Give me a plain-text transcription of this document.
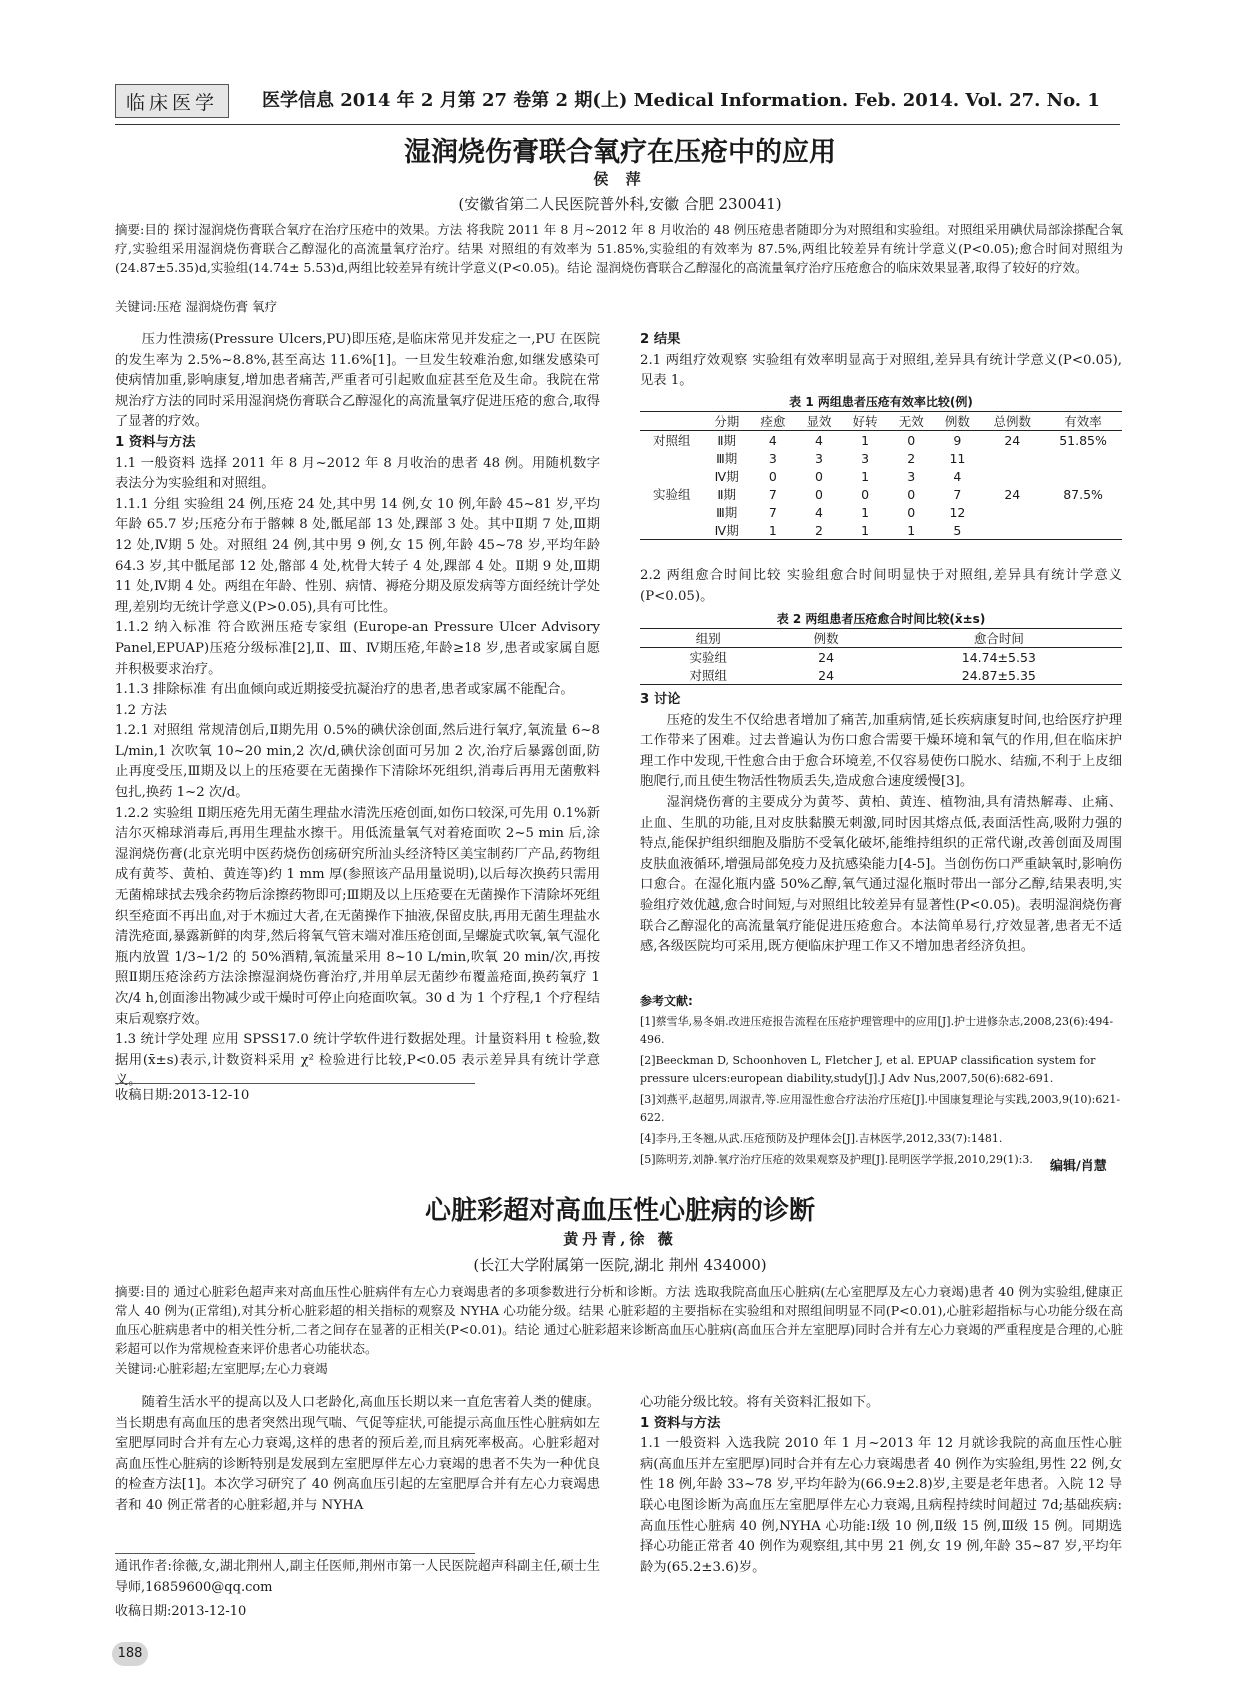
临床医学	医学信息 2014 年 2 月第 27 卷第 2 期(上) Medical Information. Feb. 2014. Vol. 27. No. 1
湿润烧伤膏联合氧疗在压疮中的应用
侯 萍
(安徽省第二人民医院普外科,安徽 合肥 230041)
摘要:目的 探讨湿润烧伤膏联合氧疗在治疗压疮中的效果。方法 将我院 2011 年 8 月~2012 年 8 月收治的 48 例压疮患者随即分为对照组和实验组。对照组采用碘伏局部涂搽配合氧疗,实验组采用湿润烧伤膏联合乙醇湿化的高流量氧疗治疗。结果 对照组的有效率为 51.85%,实验组的有效率为 87.5%,两组比较差异有统计学意义(P<0.05);愈合时间对照组为(24.87±5.35)d,实验组(14.74± 5.53)d,两组比较差异有统计学意义(P<0.05)。结论 湿润烧伤膏联合乙醇湿化的高流量氧疗治疗压疮愈合的临床效果显著,取得了较好的疗效。
关键词:压疮 湿润烧伤膏 氧疗

压力性溃疡(Pressure Ulcers,PU)即压疮,是临床常见并发症之一,PU 在医院的发生率为 2.5%~8.8%,甚至高达 11.6%[1]。一旦发生较难治愈,如继发感染可使病情加重,影响康复,增加患者痛苦,严重者可引起败血症甚至危及生命。我院在常规治疗方法的同时采用湿润烧伤膏联合乙醇湿化的高流量氧疗促进压疮的愈合,取得了显著的疗效。

1 资料与方法

1.1 一般资料 选择 2011 年 8 月~2012 年 8 月收治的患者 48 例。用随机数字表法分为实验组和对照组。

1.1.1 分组 实验组 24 例,压疮 24 处,其中男 14 例,女 10 例,年龄 45~81 岁,平均年龄 65.7 岁;压疮分布于髂棘 8 处,骶尾部 13 处,踝部 3 处。其中Ⅱ期 7 处,Ⅲ期 12 处,Ⅳ期 5 处。对照组 24 例,其中男 9 例,女 15 例,年龄 45~78 岁,平均年龄 64.3 岁,其中骶尾部 12 处,髂部 4 处,枕骨大转子 4 处,踝部 4 处。Ⅱ期 9 处,Ⅲ期 11 处,Ⅳ期 4 处。两组在年龄、性别、病情、褥疮分期及原发病等方面经统计学处理,差别均无统计学意义(P>0.05),具有可比性。

1.1.2 纳入标准 符合欧洲压疮专家组 (Europe-an Pressure Ulcer Advisory Panel,EPUAP)压疮分级标准[2],Ⅱ、Ⅲ、Ⅳ期压疮,年龄≥18 岁,患者或家属自愿并积极要求治疗。

1.1.3 排除标准 有出血倾向或近期接受抗凝治疗的患者,患者或家属不能配合。

1.2 方法

1.2.1 对照组 常规清创后,Ⅱ期先用 0.5%的碘伏涂创面,然后进行氧疗,氧流量 6~8 L/min,1 次吹氧 10~20 min,2 次/d,碘伏涂创面可另加 2 次,治疗后暴露创面,防止再度受压,Ⅲ期及以上的压疮要在无菌操作下清除坏死组织,消毒后再用无菌敷料包扎,换药 1~2 次/d。

1.2.2 实验组 Ⅱ期压疮先用无菌生理盐水清洗压疮创面,如伤口较深,可先用 0.1%新洁尔灭棉球消毒后,再用生理盐水擦干。用低流量氧气对着疮面吹 2~5 min 后,涂湿润烧伤膏(北京光明中医药烧伤创疡研究所汕头经济特区美宝制药厂产品,药物组成有黄芩、黄柏、黄连等)约 1 mm 厚(参照该产品用量说明),以后每次换药只需用无菌棉球拭去残余药物后涂擦药物即可;Ⅲ期及以上压疮要在无菌操作下清除坏死组织至疮面不再出血,对于木痂过大者,在无菌操作下抽液,保留皮肤,再用无菌生理盐水清洗疮面,暴露新鲜的肉芽,然后将氧气管末端对准压疮创面,呈螺旋式吹氧,氧气湿化瓶内放置 1/3~1/2 的 50%酒精,氧流量采用 8~10 L/min,吹氧 20 min/次,再按照Ⅱ期压疮涂药方法涂擦湿润烧伤膏治疗,并用单层无菌纱布覆盖疮面,换药氧疗 1 次/4 h,创面渗出物减少或干燥时可停止向疮面吹氧。30 d 为 1 个疗程,1 个疗程结束后观察疗效。

1.3 统计学处理 应用 SPSS17.0 统计学软件进行数据处理。计量资料用 t 检验,数据用(x̄±s)表示,计数资料采用 χ² 检验进行比较,P<0.05 表示差异具有统计学意义。

收稿日期:2013-12-10

2 结果

2.1 两组疗效观察 实验组有效率明显高于对照组,差异具有统计学意义(P<0.05),见表 1。

表 1 两组患者压疮有效率比较(例)
	分期	痊愈	显效	好转	无效	例数	总例数	有效率
对照组	Ⅱ期	4	4	1	0	9	24	51.85%
	Ⅲ期	3	3	3	2	11		
	Ⅳ期	0	0	1	3	4		
实验组	Ⅱ期	7	0	0	0	7	24	87.5%
	Ⅲ期	7	4	1	0	12		
	Ⅳ期	1	2	1	1	5		
2.2 两组愈合时间比较 实验组愈合时间明显快于对照组,差异具有统计学意义(P<0.05)。
表 2 两组患者压疮愈合时间比较(x̄±s)
组别	例数	愈合时间
实验组	24	14.74±5.53
对照组	24	24.87±5.35

3 讨论

压疮的发生不仅给患者增加了痛苦,加重病情,延长疾病康复时间,也给医疗护理工作带来了困难。过去普遍认为伤口愈合需要干燥环境和氧气的作用,但在临床护理工作中发现,干性愈合由于愈合环境差,不仅容易使伤口脱水、结痂,不利于上皮细胞爬行,而且使生物活性物质丢失,造成愈合速度缓慢[3]。

湿润烧伤膏的主要成分为黄芩、黄柏、黄连、植物油,具有清热解毒、止痛、止血、生肌的功能,且对皮肤黏膜无刺激,同时因其熔点低,表面活性高,吸附力强的特点,能保护组织细胞及脂肪不受氧化破坏,能维持组织的正常代谢,改善创面及周围皮肤血液循环,增强局部免疫力及抗感染能力[4-5]。当创伤伤口严重缺氧时,影响伤口愈合。在湿化瓶内盛 50%乙醇,氧气通过湿化瓶时带出一部分乙醇,结果表明,实验组疗效优越,愈合时间短,与对照组比较差异有显著性(P<0.05)。表明湿润烧伤膏联合乙醇湿化的高流量氧疗能促进压疮愈合。本法简单易行,疗效显著,患者无不适感,各级医院均可采用,既方便临床护理工作又不增加患者经济负担。

参考文献:

[1]蔡雪华,易冬娟.改进压疮报告流程在压疮护理管理中的应用[J].护士进修杂志,2008,23(6):494-496.

[2]Beeckman D, Schoonhoven L, Fletcher J, et al. EPUAP classification system for pressure ulcers:european diability,study[J].J Adv Nus,2007,50(6):682-691.

[3]刘燕平,赵超男,周淑青,等.应用湿性愈合疗法治疗压疮[J].中国康复理论与实践,2003,9(10):621-622.

[4]李丹,王冬翘,从武.压疮预防及护理体会[J].吉林医学,2012,33(7):1481.

[5]陈明芳,刘静.氧疗治疗压疮的效果观察及护理[J].昆明医学学报,2010,29(1):3.	编辑/肖慧
心脏彩超对高血压性心脏病的诊断
黄丹青,徐 薇
(长江大学附属第一医院,湖北 荆州 434000)
摘要:目的 通过心脏彩色超声来对高血压性心脏病伴有左心力衰竭患者的多项参数进行分析和诊断。方法 选取我院高血压心脏病(左心室肥厚及左心力衰竭)患者 40 例为实验组,健康正常人 40 例为(正常组),对其分析心脏彩超的相关指标的观察及 NYHA 心功能分级。结果 心脏彩超的主要指标在实验组和对照组间明显不同(P<0.01),心脏彩超指标与心功能分级在高血压心脏病患者中的相关性分析,二者之间存在显著的正相关(P<0.01)。结论 通过心脏彩超来诊断高血压心脏病(高血压合并左室肥厚)同时合并有左心力衰竭的严重程度是合理的,心脏彩超可以作为常规检查来评价患者心功能状态。
关键词:心脏彩超;左室肥厚;左心力衰竭

随着生活水平的提高以及人口老龄化,高血压长期以来一直危害着人类的健康。当长期患有高血压的患者突然出现气喘、气促等症状,可能提示高血压性心脏病如左室肥厚同时合并有左心力衰竭,这样的患者的预后差,而且病死率极高。心脏彩超对高血压性心脏病的诊断特别是发展到左室肥厚伴左心力衰竭的患者不失为一种优良的检查方法[1]。本次学习研究了 40 例高血压引起的左室肥厚合并有左心力衰竭患者和 40 例正常者的心脏彩超,并与 NYHA

通讯作者:徐薇,女,湖北荆州人,副主任医师,荆州市第一人民医院超声科副主任,硕士生导师,16859600@qq.com
收稿日期:2013-12-10

心功能分级比较。将有关资料汇报如下。

1 资料与方法

1.1 一般资料 入选我院 2010 年 1 月~2013 年 12 月就诊我院的高血压性心脏病(高血压并左室肥厚)同时合并有左心力衰竭患者 40 例作为实验组,男性 22 例,女性 18 例,年龄 33~78 岁,平均年龄为(66.9±2.8)岁,主要是老年患者。入院 12 导联心电图诊断为高血压左室肥厚伴左心力衰竭,且病程持续时间超过 7d;基础疾病:高血压性心脏病 40 例,NYHA 心功能:Ⅰ级 10 例,Ⅱ级 15 例,Ⅲ级 15 例。同期选择心功能正常者 40 例作为观察组,其中男 21 例,女 19 例,年龄 35~87 岁,平均年龄为(65.2±3.6)岁。

188
